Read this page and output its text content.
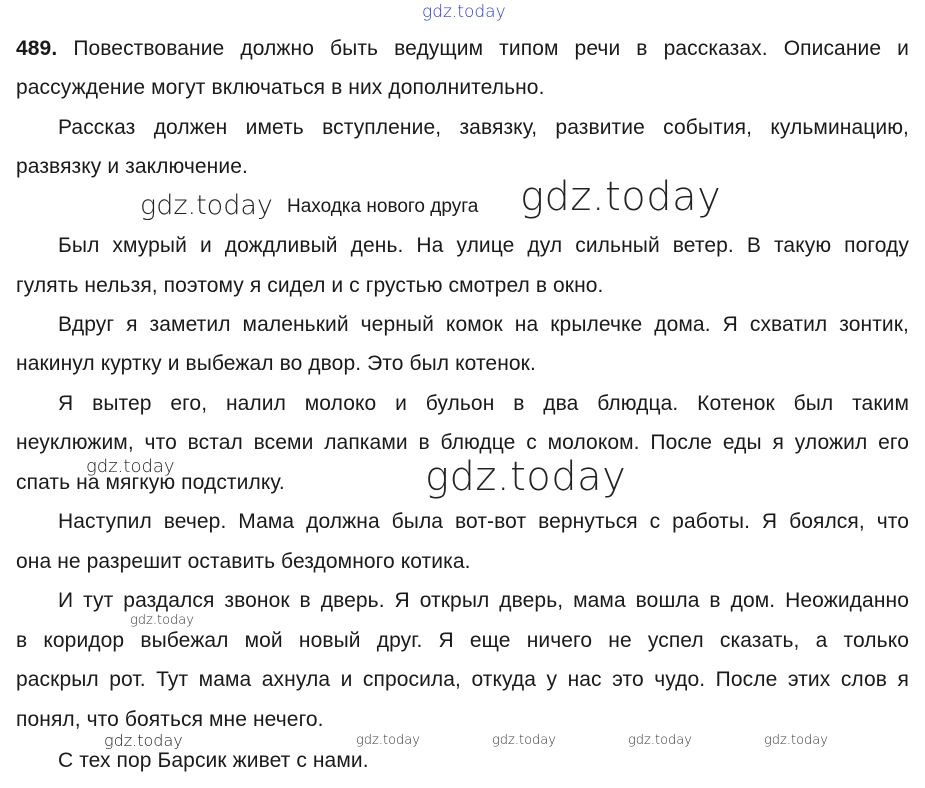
gdz.today
489. Повествование должно быть ведущим типом речи в рассказах. Описание и
рассуждение могут включаться в них дополнительно.
Рассказ должен иметь вступление, завязку, развитие события, кульминацию,
развязку и заключение.
gdz.today Находка нового друга gdz.today
Был хмурый и дождливый день. На улице дул сильный ветер. В такую погоду
гулять нельзя, поэтому я сидел и с грустью смотрел в окно.
Вдруг я заметил маленький черный комок на крылечке дома. Я схватил зонтик,
накинул куртку и выбежал во двор. Это был котенок.
Я вытер его, налил молоко и бульон в два блюдца. Котенок был таким
неуклюжим, что встал всеми лапками в блюдце с молоком. После еды я уложил его
gdz.today
спать на мягкую подстилку.	gdz.today
Наступил вечер. Мама должна была вот-вот вернуться с работы. Я боялся, что
она не разрешит оставить бездомного котика.
И тут раздался звонок в дверь. Я открыл дверь, мама вошла в дом. Неожиданно
gdz.today
в коридор выбежал мой новый друг. Я еще ничего не успел сказать, а только
раскрыл рот. Тут мама ахнула и спросила, откуда у нас это чудо. После этих слов я
понял, что бояться мне нечего.
gdz.today	gdz.today	gdz.today	gdz.today	gdz.today
С тех пор Барсик живет с нами.
